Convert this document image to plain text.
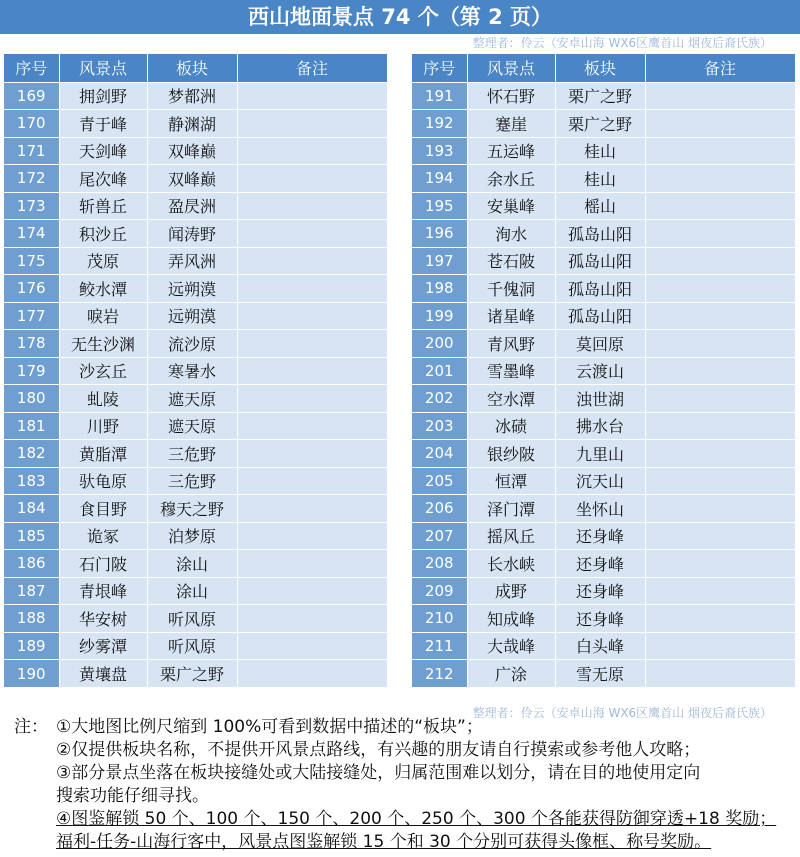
西山地面景点 74 个（第 2 页）
整理者：伶云（安卓山海 WX6区鹰首山 烟夜后裔氏族）
序号	风景点	板块	备注
169	拥剑野	梦都洲	
170	青于峰	静渊湖	
171	天剑峰	双峰巅	
172	尾次峰	双峰巅	
173	斩兽丘	盈昃洲	
174	积沙丘	闻涛野	
175	茂原	弄风洲	
176	鲛水潭	远朔漠	
177	唳岩	远朔漠	
178	无生沙渊	流沙原	
179	沙玄丘	寒暑水	
180	虬陵	遮天原	
181	川野	遮天原	
182	黄脂潭	三危野	
183	驮龟原	三危野	
184	食目野	穆天之野	
185	诡冢	泊梦原	
186	石门陂	涂山	
187	青垠峰	涂山	
188	华安树	听风原	
189	纱雾潭	听风原	
190	黄壤盘	栗广之野	
序号	风景点	板块	备注
191	怀石野	栗广之野	
192	蹇崖	栗广之野	
193	五运峰	桂山	
194	余水丘	桂山	
195	安巢峰	榣山	
196	洵水	孤岛山阳	
197	苍石陂	孤岛山阳	
198	千傀洞	孤岛山阳	
199	诸星峰	孤岛山阳	
200	青风野	莫回原	
201	雪墨峰	云渡山	
202	空水潭	浊世湖	
203	冰碛	拂水台	
204	银纱陂	九里山	
205	恒潭	沉天山	
206	泽门潭	坐怀山	
207	摇风丘	还身峰	
208	长水峡	还身峰	
209	成野	还身峰	
210	知成峰	还身峰	
211	大哉峰	白头峰	
212	广涂	雪无原	
整理者：伶云（安卓山海 WX6区鹰首山 烟夜后裔氏族）
注： ①大地图比例尺缩到 100%可看到数据中描述的“板块”；
②仅提供板块名称，不提供开风景点路线，有兴趣的朋友请自行摸索或参考他人攻略；
③部分景点坐落在板块接缝处或大陆接缝处，归属范围难以划分，请在目的地使用定向
搜索功能仔细寻找。
④图鉴解锁 50 个、100 个、150 个、200 个、250 个、300 个各能获得防御穿透+18 奖励；
福利-任务-山海行客中，风景点图鉴解锁 15 个和 30 个分别可获得头像框、称号奖励。
